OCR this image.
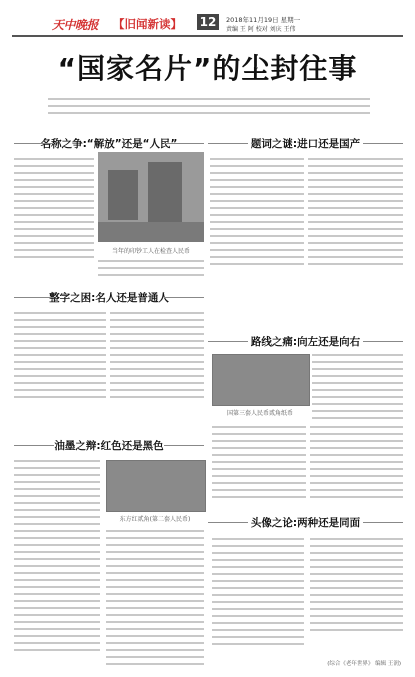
天中晚报 【旧闻新读】 12	2018年11月19日 星期一
责编 王 阿 校对 刘庆 王伟
“国家名片”的尘封往事
名称之争:“解放”还是“人民”	题词之谜:进口还是国产
当年的印钞工人在检查人民币
整字之困:名人还是普通人
路线之痛:向左还是向右
国第三套人民币贰角纸币
油墨之辩:红色还是黑色
东方红贰角(第二套人民币)	头像之论:两种还是同面
(综合《老年世界》 编辑 王润)
